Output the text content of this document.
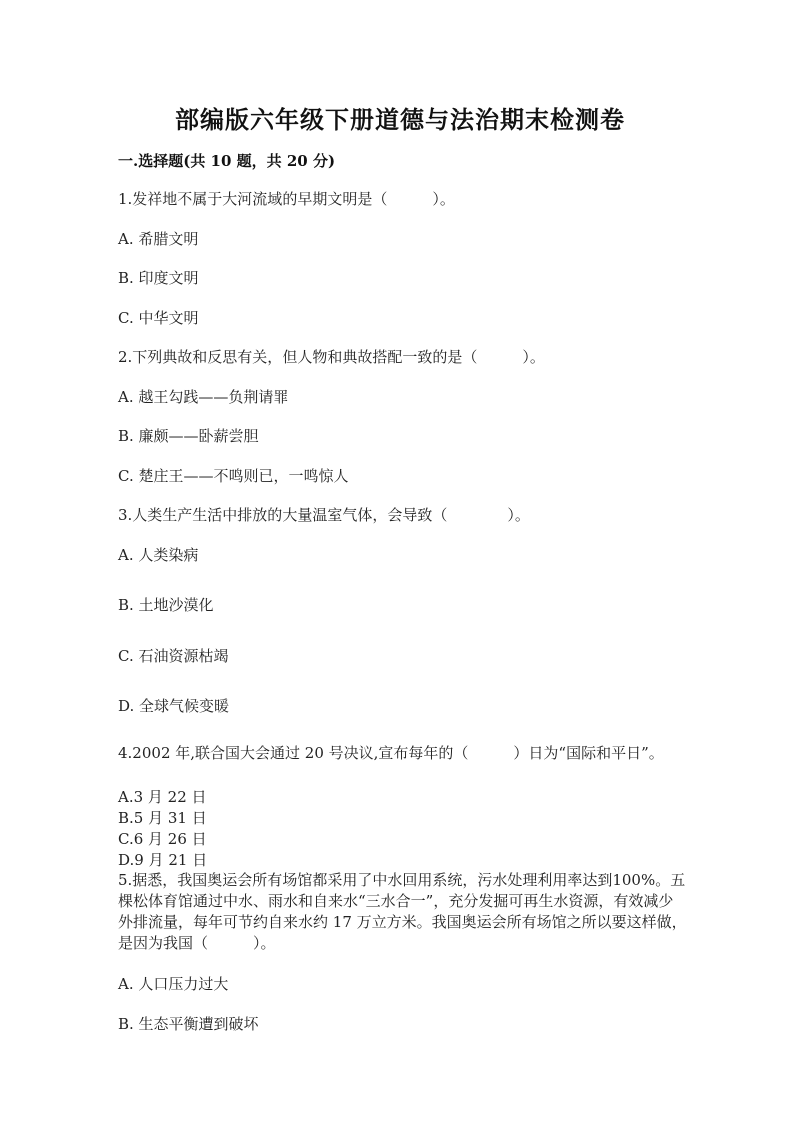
部编版六年级下册道德与法治期末检测卷

一.选择题(共 10 题，共 20 分)

1.发祥地不属于大河流域的早期文明是（　　　）。

A. 希腊文明

B. 印度文明

C. 中华文明

2.下列典故和反思有关，但人物和典故搭配一致的是（　　　）。

A. 越王勾践——负荆请罪

B. 廉颇——卧薪尝胆

C. 楚庄王——不鸣则已，一鸣惊人

3.人类生产生活中排放的大量温室气体，会导致（　　　　）。

A. 人类染病

B. 土地沙漠化

C. 石油资源枯竭

D. 全球气候变暖

4.2002 年,联合国大会通过 20 号决议,宣布每年的（　　　）日为“国际和平日”。

A.3 月 22 日

B.5 月 31 日

C.6 月 26 日

D.9 月 21 日

5.据悉，我国奥运会所有场馆都采用了中水回用系统，污水处理利用率达到100%。五棵松体育馆通过中水、雨水和自来水“三水合一”，充分发掘可再生水资源，有效减少外排流量，每年可节约自来水约 17 万立方米。我国奥运会所有场馆之所以要这样做，是因为我国（　　　）。

A. 人口压力过大

B. 生态平衡遭到破坏
